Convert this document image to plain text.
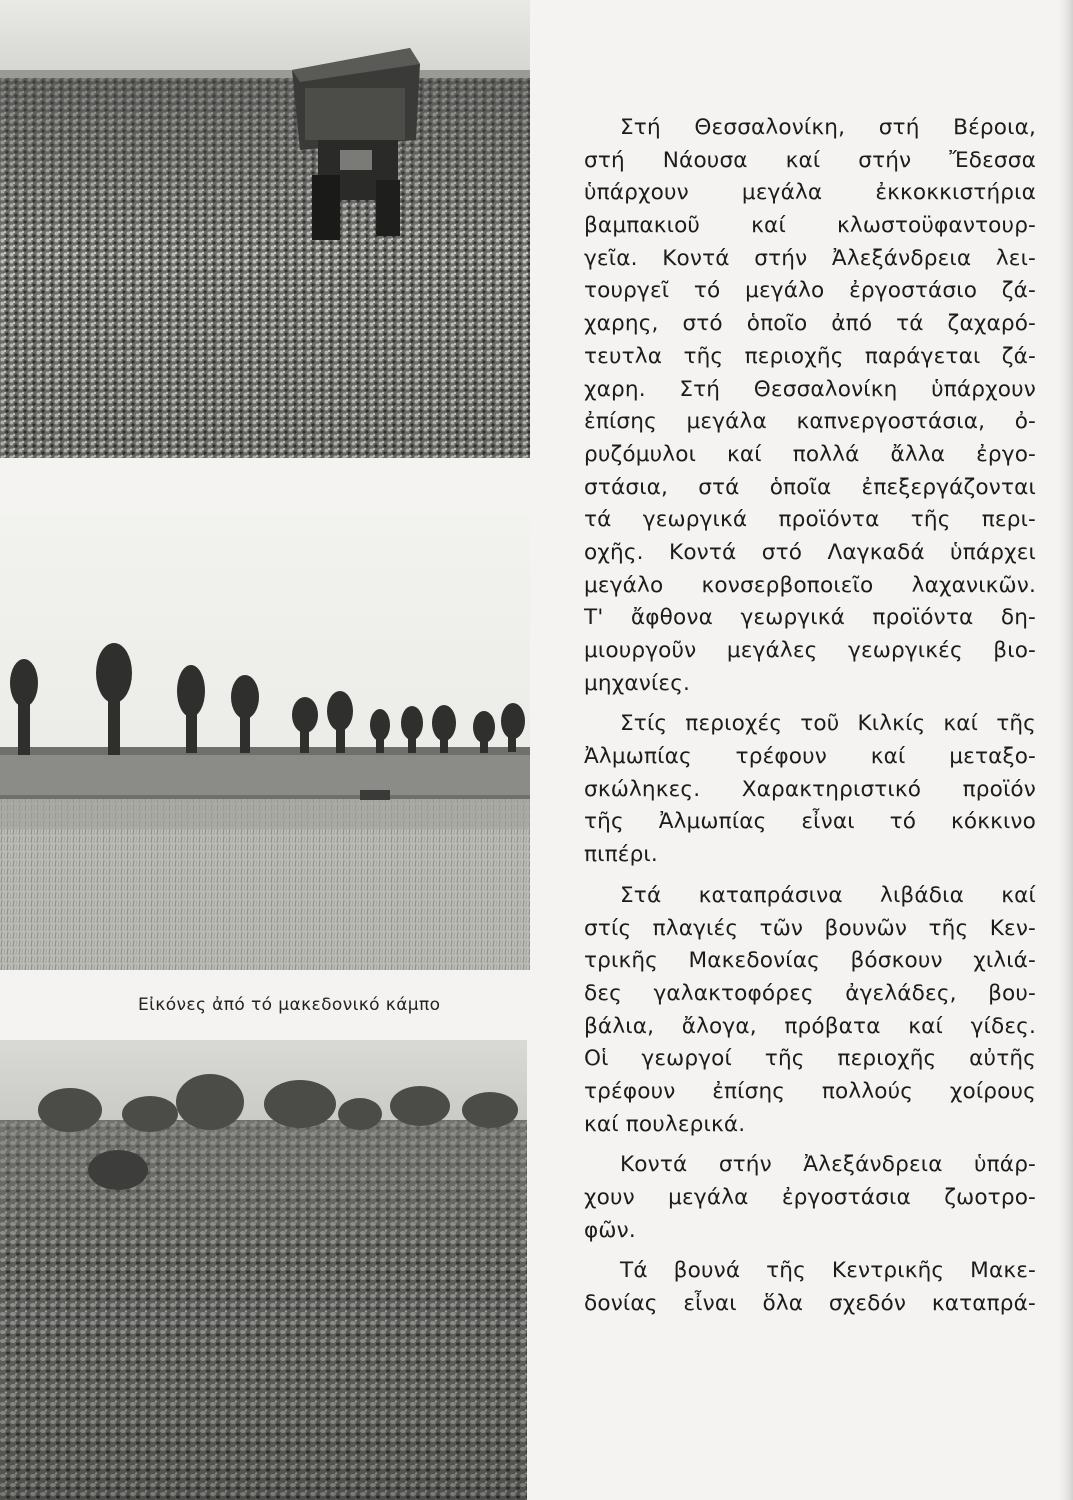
Εἰκόνες ἀπό τό μακεδονικό κάμπο
Στή Θεσσαλονίκη, στή Βέροια,
στή Νάουσα καί στήν Ἔδεσσα
ὑπάρχουν μεγάλα ἐκκοκκιστήρια
βαμπακιοῦ καί κλωστοϋφαντουρ-
γεῖα. Κοντά στήν Ἀλεξάνδρεια λει-
τουργεῖ τό μεγάλο ἐργοστάσιο ζά-
χαρης, στό ὁποῖο ἀπό τά ζαχαρό-
τευτλα τῆς περιοχῆς παράγεται ζά-
χαρη. Στή Θεσσαλονίκη ὑπάρχουν
ἐπίσης μεγάλα καπνεργοστάσια, ὀ-
ρυζόμυλοι καί πολλά ἄλλα ἐργο-
στάσια, στά ὁποῖα ἐπεξεργάζονται
τά γεωργικά προϊόντα τῆς περι-
οχῆς. Κοντά στό Λαγκαδά ὑπάρχει
μεγάλο κονσερβοποιεῖο λαχανικῶν.
Τ' ἄφθονα γεωργικά προϊόντα δη-
μιουργοῦν μεγάλες γεωργικές βιο-
μηχανίες.
Στίς περιοχές τοῦ Κιλκίς καί τῆς
Ἀλμωπίας τρέφουν καί μεταξο-
σκώληκες. Χαρακτηριστικό προϊόν
τῆς Ἀλμωπίας εἶναι τό κόκκινο
πιπέρι.
Στά καταπράσινα λιβάδια καί
στίς πλαγιές τῶν βουνῶν τῆς Κεν-
τρικῆς Μακεδονίας βόσκουν χιλιά-
δες γαλακτοφόρες ἀγελάδες, βου-
βάλια, ἄλογα, πρόβατα καί γίδες.
Οἱ γεωργοί τῆς περιοχῆς αὐτῆς
τρέφουν ἐπίσης πολλούς χοίρους
καί πουλερικά.
Κοντά στήν Ἀλεξάνδρεια ὑπάρ-
χουν μεγάλα ἐργοστάσια ζωοτρο-
φῶν.
Τά βουνά τῆς Κεντρικῆς Μακε-
δονίας εἶναι ὅλα σχεδόν καταπρά-
